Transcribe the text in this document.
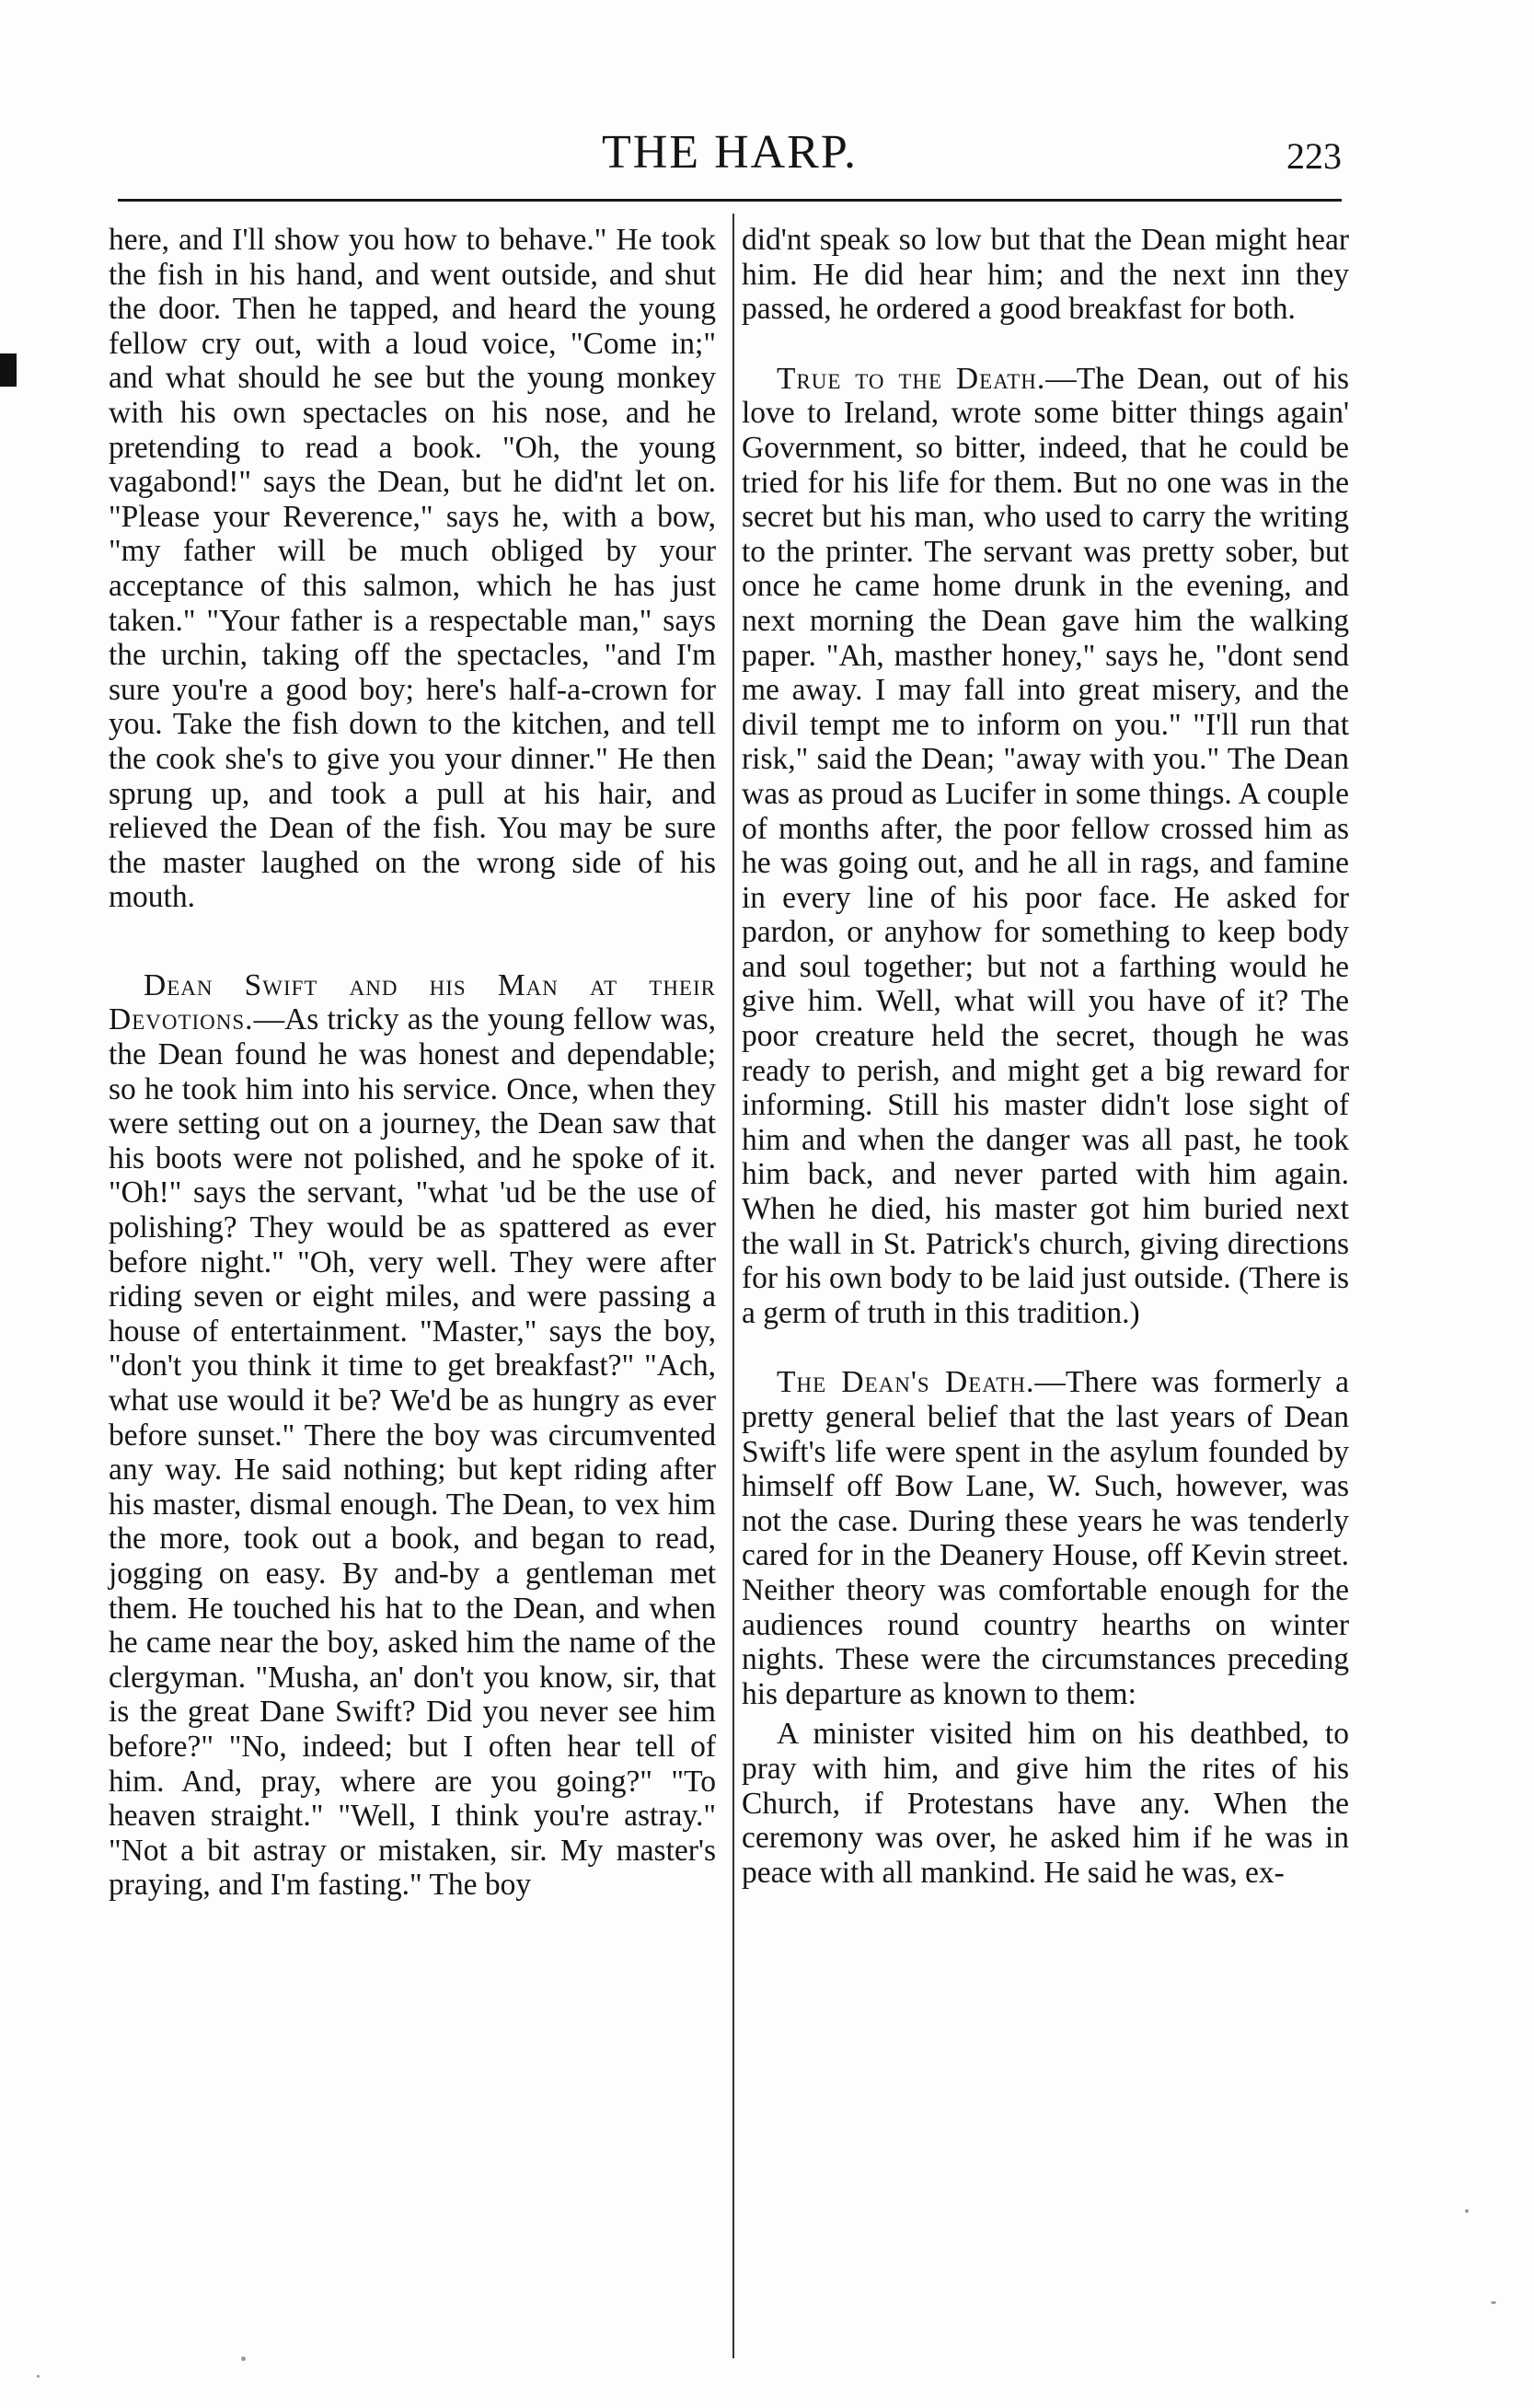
THE HARP.	223

here, and I'll show you how to behave." He took the fish in his hand, and went outside, and shut the door. Then he tapped, and heard the young fellow cry out, with a loud voice, "Come in;" and what should he see but the young monkey with his own spectacles on his nose, and he pretending to read a book. "Oh, the young vagabond!" says the Dean, but he did'nt let on. "Please your Reverence," says he, with a bow, "my father will be much obliged by your acceptance of this salmon, which he has just taken." "Your father is a respectable man," says the urchin, taking off the spectacles, "and I'm sure you're a good boy; here's half-a-crown for you. Take the fish down to the kitchen, and tell the cook she's to give you your dinner." He then sprung up, and took a pull at his hair, and relieved the Dean of the fish. You may be sure the master laughed on the wrong side of his mouth.

Dean Swift and his Man at their Devotions.—As tricky as the young fellow was, the Dean found he was honest and dependable; so he took him into his service. Once, when they were setting out on a journey, the Dean saw that his boots were not polished, and he spoke of it. "Oh!" says the servant, "what 'ud be the use of polishing? They would be as spattered as ever before night." "Oh, very well. They were after riding seven or eight miles, and were passing a house of entertainment. "Master," says the boy, "don't you think it time to get breakfast?" "Ach, what use would it be? We'd be as hungry as ever before sunset." There the boy was circumvented any way. He said nothing; but kept riding after his master, dismal enough. The Dean, to vex him the more, took out a book, and began to read, jogging on easy. By and-by a gentleman met them. He touched his hat to the Dean, and when he came near the boy, asked him the name of the clergyman. "Musha, an' don't you know, sir, that is the great Dane Swift? Did you never see him before?" "No, indeed; but I often hear tell of him. And, pray, where are you going?" "To heaven straight." "Well, I think you're astray." "Not a bit astray or mistaken, sir. My master's praying, and I'm fasting." The boy

did'nt speak so low but that the Dean might hear him. He did hear him; and the next inn they passed, he ordered a good breakfast for both.

True to the Death.—The Dean, out of his love to Ireland, wrote some bitter things again' Government, so bitter, indeed, that he could be tried for his life for them. But no one was in the secret but his man, who used to carry the writing to the printer. The servant was pretty sober, but once he came home drunk in the evening, and next morning the Dean gave him the walking paper. "Ah, masther honey," says he, "dont send me away. I may fall into great misery, and the divil tempt me to inform on you." "I'll run that risk," said the Dean; "away with you." The Dean was as proud as Lucifer in some things. A couple of months after, the poor fellow crossed him as he was going out, and he all in rags, and famine in every line of his poor face. He asked for pardon, or anyhow for something to keep body and soul together; but not a farthing would he give him. Well, what will you have of it? The poor creature held the secret, though he was ready to perish, and might get a big reward for informing. Still his master didn't lose sight of him and when the danger was all past, he took him back, and never parted with him again. When he died, his master got him buried next the wall in St. Patrick's church, giving directions for his own body to be laid just outside. (There is a germ of truth in this tradition.)

The Dean's Death.—There was formerly a pretty general belief that the last years of Dean Swift's life were spent in the asylum founded by himself off Bow Lane, W. Such, however, was not the case. During these years he was tenderly cared for in the Deanery House, off Kevin street. Neither theory was comfortable enough for the audiences round country hearths on winter nights. These were the circumstances preceding his departure as known to them:

A minister visited him on his deathbed, to pray with him, and give him the rites of his Church, if Protestans have any. When the ceremony was over, he asked him if he was in peace with all mankind. He said he was, ex-
